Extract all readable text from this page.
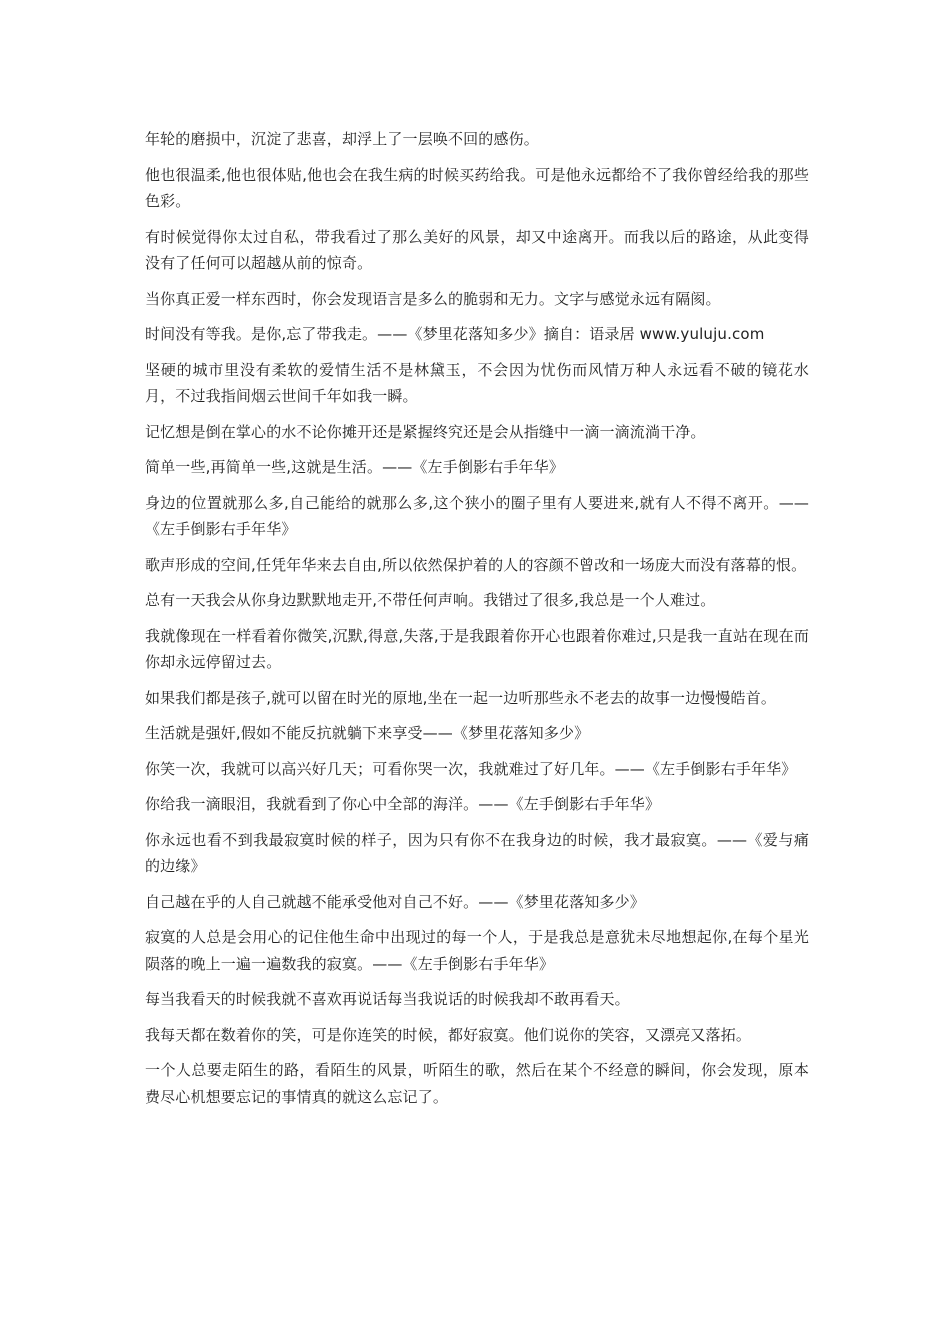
年轮的磨损中，沉淀了悲喜，却浮上了一层唤不回的感伤。

他也很温柔,他也很体贴,他也会在我生病的时候买药给我。可是他永远都给不了我你曾经给我的那些色彩。

有时候觉得你太过自私，带我看过了那么美好的风景，却又中途离开。而我以后的路途，从此变得没有了任何可以超越从前的惊奇。

当你真正爱一样东西时，你会发现语言是多么的脆弱和无力。文字与感觉永远有隔阂。

时间没有等我。是你,忘了带我走。——《梦里花落知多少》摘自：语录居 www.yuluju.com

坚硬的城市里没有柔软的爱情生活不是林黛玉，不会因为忧伤而风情万种人永远看不破的镜花水月，不过我指间烟云世间千年如我一瞬。

记忆想是倒在掌心的水不论你摊开还是紧握终究还是会从指缝中一滴一滴流淌干净。

简单一些,再简单一些,这就是生活。——《左手倒影右手年华》

身边的位置就那么多,自己能给的就那么多,这个狭小的圈子里有人要进来,就有人不得不离开。——《左手倒影右手年华》

歌声形成的空间,任凭年华来去自由,所以依然保护着的人的容颜不曾改和一场庞大而没有落幕的恨。

总有一天我会从你身边默默地走开,不带任何声响。我错过了很多,我总是一个人难过。

我就像现在一样看着你微笑,沉默,得意,失落,于是我跟着你开心也跟着你难过,只是我一直站在现在而你却永远停留过去。

如果我们都是孩子,就可以留在时光的原地,坐在一起一边听那些永不老去的故事一边慢慢皓首。

生活就是强奸,假如不能反抗就躺下来享受——《梦里花落知多少》

你笑一次，我就可以高兴好几天；可看你哭一次，我就难过了好几年。——《左手倒影右手年华》

你给我一滴眼泪，我就看到了你心中全部的海洋。——《左手倒影右手年华》

你永远也看不到我最寂寞时候的样子，因为只有你不在我身边的时候，我才最寂寞。——《爱与痛的边缘》

自己越在乎的人自己就越不能承受他对自己不好。——《梦里花落知多少》

寂寞的人总是会用心的记住他生命中出现过的每一个人，于是我总是意犹未尽地想起你,在每个星光陨落的晚上一遍一遍数我的寂寞。——《左手倒影右手年华》

每当我看天的时候我就不喜欢再说话每当我说话的时候我却不敢再看天。

我每天都在数着你的笑，可是你连笑的时候，都好寂寞。他们说你的笑容，又漂亮又落拓。

一个人总要走陌生的路，看陌生的风景，听陌生的歌，然后在某个不经意的瞬间，你会发现，原本费尽心机想要忘记的事情真的就这么忘记了。
